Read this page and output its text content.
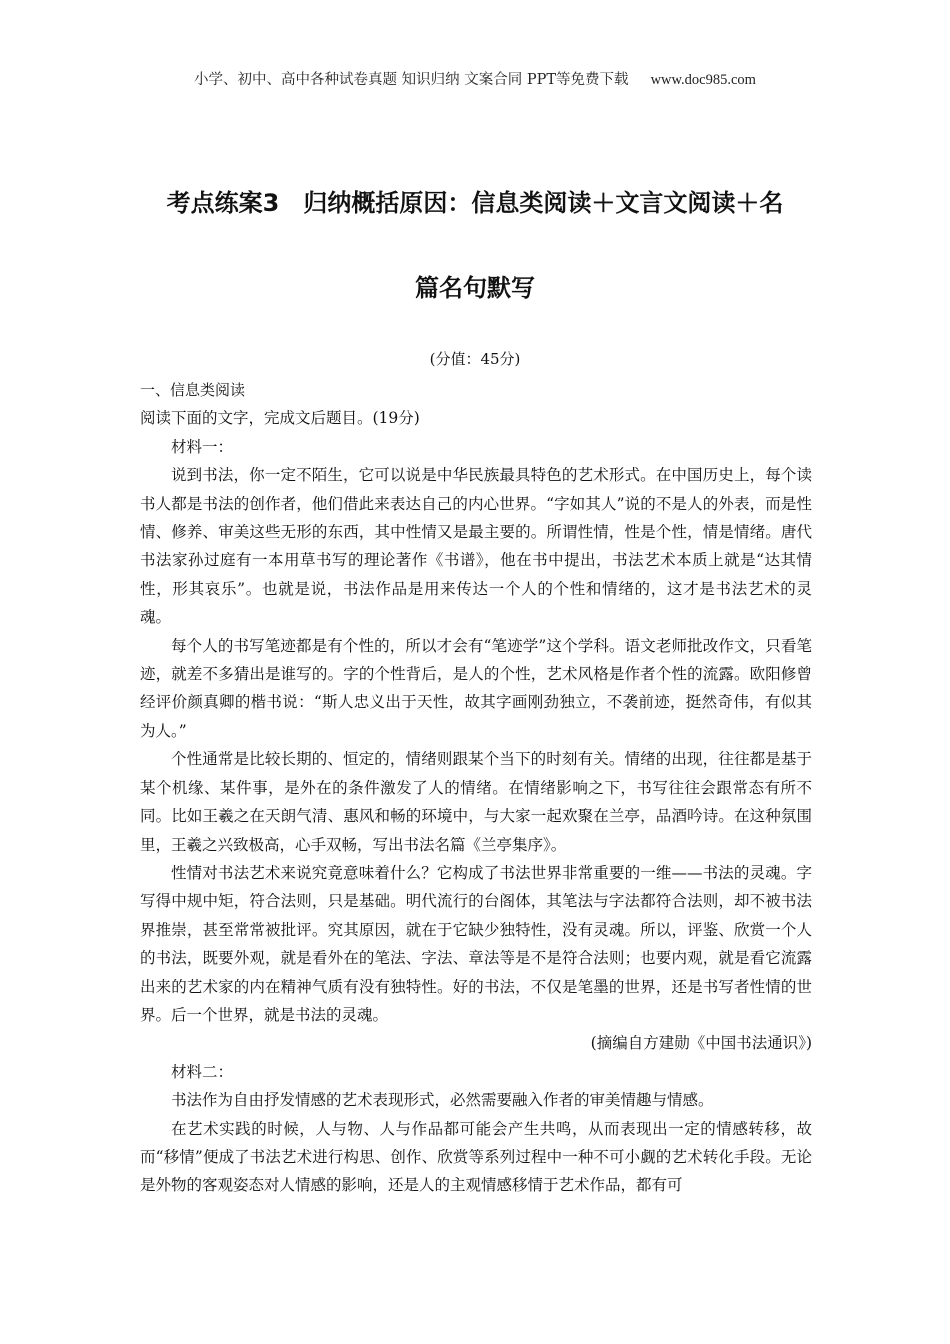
小学、初中、高中各种试卷真题 知识归纳 文案合同 PPT等免费下载 www.doc985.com
考点练案3　归纳概括原因：信息类阅读＋文言文阅读＋名
篇名句默写
(分值：45分)

一、信息类阅读

阅读下面的文字，完成文后题目。(19分)

材料一：

说到书法，你一定不陌生，它可以说是中华民族最具特色的艺术形式。在中国历史上，每个读书人都是书法的创作者，他们借此来表达自己的内心世界。“字如其人”说的不是人的外表，而是性情、修养、审美这些无形的东西，其中性情又是最主要的。所谓性情，性是个性，情是情绪。唐代书法家孙过庭有一本用草书写的理论著作《书谱》，他在书中提出，书法艺术本质上就是“达其情性，形其哀乐”。也就是说，书法作品是用来传达一个人的个性和情绪的，这才是书法艺术的灵魂。

每个人的书写笔迹都是有个性的，所以才会有“笔迹学”这个学科。语文老师批改作文，只看笔迹，就差不多猜出是谁写的。字的个性背后，是人的个性，艺术风格是作者个性的流露。欧阳修曾经评价颜真卿的楷书说：“斯人忠义出于天性，故其字画刚劲独立，不袭前迹，挺然奇伟，有似其为人。”

个性通常是比较长期的、恒定的，情绪则跟某个当下的时刻有关。情绪的出现，往往都是基于某个机缘、某件事，是外在的条件激发了人的情绪。在情绪影响之下，书写往往会跟常态有所不同。比如王羲之在天朗气清、惠风和畅的环境中，与大家一起欢聚在兰亭，品酒吟诗。在这种氛围里，王羲之兴致极高，心手双畅，写出书法名篇《兰亭集序》。

性情对书法艺术来说究竟意味着什么？它构成了书法世界非常重要的一维——书法的灵魂。字写得中规中矩，符合法则，只是基础。明代流行的台阁体，其笔法与字法都符合法则，却不被书法界推崇，甚至常常被批评。究其原因，就在于它缺少独特性，没有灵魂。所以，评鉴、欣赏一个人的书法，既要外观，就是看外在的笔法、字法、章法等是不是符合法则；也要内观，就是看它流露出来的艺术家的内在精神气质有没有独特性。好的书法，不仅是笔墨的世界，还是书写者性情的世界。后一个世界，就是书法的灵魂。

(摘编自方建勋《中国书法通识》)

材料二：

书法作为自由抒发情感的艺术表现形式，必然需要融入作者的审美情趣与情感。

在艺术实践的时候，人与物、人与作品都可能会产生共鸣，从而表现出一定的情感转移，故而“移情”便成了书法艺术进行构思、创作、欣赏等系列过程中一种不可小觑的艺术转化手段。无论是外物的客观姿态对人情感的影响，还是人的主观情感移情于艺术作品，都有可
